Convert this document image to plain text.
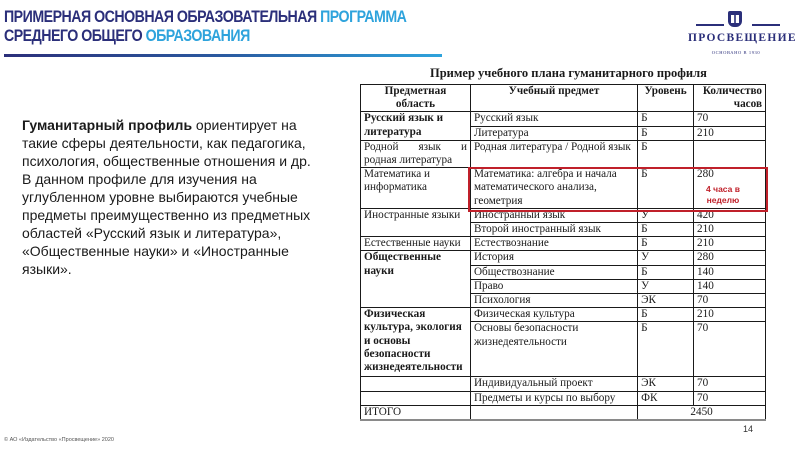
ПРИМЕРНАЯ ОСНОВНАЯ ОБРАЗОВАТЕЛЬНАЯ ПРОГРАММА
СРЕДНЕГО ОБЩЕГО ОБРАЗОВАНИЯ	ПРОСВЕЩЕНИЕ
ОСНОВАНО В 1930
Гуманитарный профиль ориентирует на такие сферы деятельности, как педагогика, психология, общественные отношения и др. В данном профиле для изучения на углубленном уровне выбираются учебные предметы преимущественно из предметных областей «Русский язык и литература», «Общественные науки» и «Иностранные языки».
Пример учебного плана гуманитарного профиля
Предметная область	Учебный предмет	Уровень	Количество часов
Русский язык и литература	Русский язык	Б	70
	Литература	Б	210
Родной язык и родная литература	Родная литература / Родной язык	Б	
Математика и информатика	Математика: алгебра и начала математического анализа, геометрия	Б	280
Иностранные языки	Иностранный язык	У	420
	Второй иностранный язык	Б	210
Естественные науки	Естествознание	Б	210
Общественные науки	История	У	280
	Обществознание	Б	140
	Право	У	140
	Психология	ЭК	70
Физическая культура, экология и основы безопасности жизнедеятельности	Физическая культура	Б	210
	Основы безопасности жизнедеятельности	Б	70
	Индивидуальный проект	ЭК	70
	Предметы и курсы по выбору	ФК	70
ИТОГО		2450	
4 часа в неделю
14
© АО «Издательство «Просвещение» 2020
